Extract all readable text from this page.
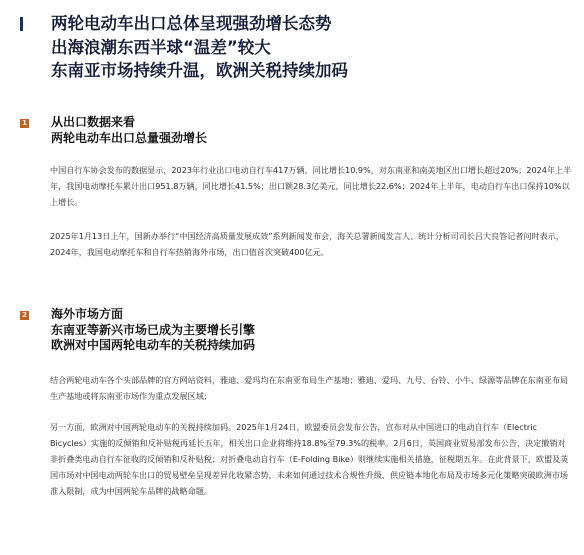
两轮电动车出口总体呈现强劲增长态势
出海浪潮东西半球“温差”较大
东南亚市场持续升温，欧洲关税持续加码
1 从出口数据来看
两轮电动车出口总量强劲增长

中国自行车协会发布的数据显示，2023年行业出口电动自行车417万辆，同比增长10.9%，对东南亚和南美地区出口增长超过20%；2024年上半年，我国电动摩托车累计出口951.8万辆，同比增长41.5%；出口额28.3亿美元，同比增长22.6%；2024年上半年，电动自行车出口保持10%以上增长。

2025年1月13日上午，国新办举行“中国经济高质量发展成效”系列新闻发布会，海关总署新闻发言人、统计分析司司长吕大良答记者问时表示，2024年，我国电动摩托车和自行车热销海外市场，出口值首次突破400亿元。

2 海外市场方面
东南亚等新兴市场已成为主要增长引擎
欧洲对中国两轮电动车的关税持续加码

结合两轮电动车各个头部品牌的官方网站资料，雅迪、爱玛均在东南亚布局生产基地；雅迪、爱玛、九号、台铃、小牛、绿源等品牌在东南亚布局生产基地或将东南亚市场作为重点发展区域；

另一方面，欧洲对中国两轮电动车的关税持续加码。2025年1月24日，欧盟委员会发布公告，宣布对从中国进口的电动自行车（Electric Bicycles）实施的反倾销和反补贴税再延长五年，相关出口企业将维持18.8%至79.3%的税率。2月6日，英国商业贸易部发布公告，决定撤销对非折叠类电动自行车征收的反倾销和反补贴税；对折叠电动自行车（E-Folding Bike）则继续实施相关措施，征税期五年。在此背景下，欧盟及英国市场对中国电动两轮车出口的贸易壁垒呈现差异化收紧态势，未来如何通过技术合规性升级、供应链本地化布局及市场多元化策略突破欧洲市场准入限制，成为中国两轮车品牌的战略命题。
